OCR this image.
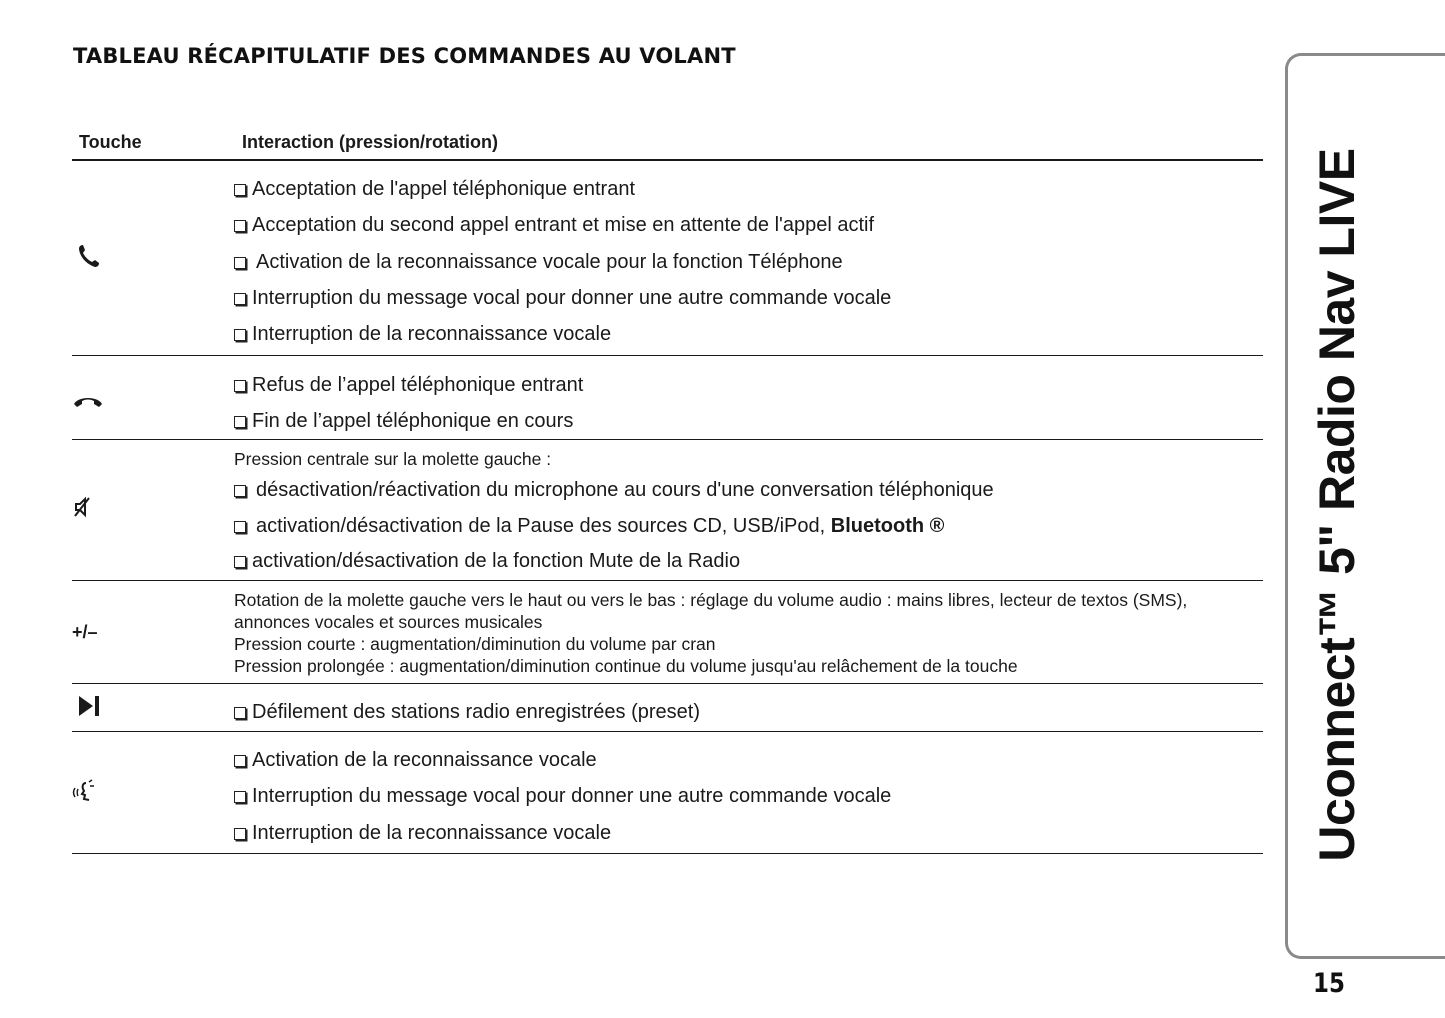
TABLEAU RÉCAPITULATIF DES COMMANDES AU VOLANT
Touche	Interaction (pression/rotation)
Acceptation de l'appel téléphonique entrant
Acceptation du second appel entrant et mise en attente de l'appel actif
Activation de la reconnaissance vocale pour la fonction Téléphone
Interruption du message vocal pour donner une autre commande vocale
Interruption de la reconnaissance vocale
Refus de l’appel téléphonique entrant
Fin de l’appel téléphonique en cours
Pression centrale sur la molette gauche :
désactivation/réactivation du microphone au cours d'une conversation téléphonique
activation/désactivation de la Pause des sources CD, USB/iPod, Bluetooth ®
activation/désactivation de la fonction Mute de la Radio
+/–
Rotation de la molette gauche vers le haut ou vers le bas : réglage du volume audio : mains libres, lecteur de textos (SMS), annonces vocales et sources musicales
Pression courte : augmentation/diminution du volume par cran
Pression prolongée : augmentation/diminution continue du volume jusqu'au relâchement de la touche
Défilement des stations radio enregistrées (preset)
Activation de la reconnaissance vocale
Interruption du message vocal pour donner une autre commande vocale
Interruption de la reconnaissance vocale	Uconnect™ 5" Radio Nav LIVE
15
